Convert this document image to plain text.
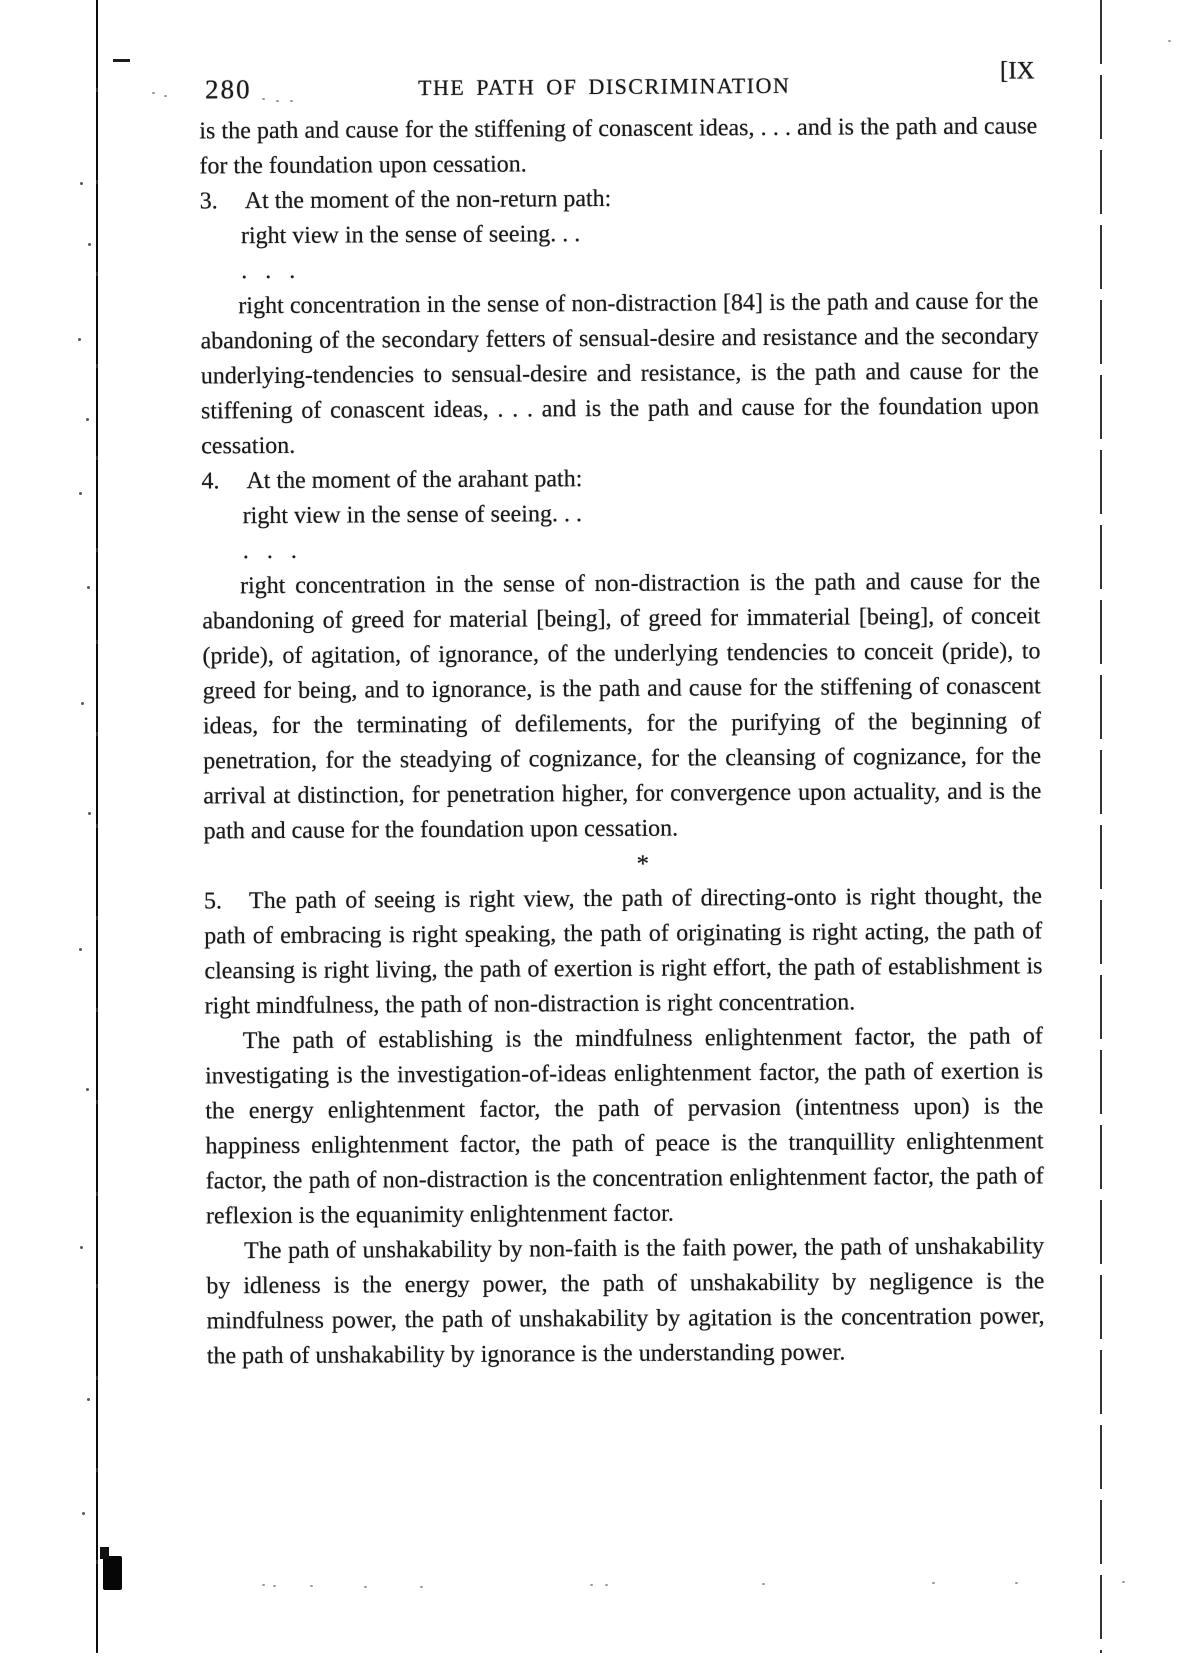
280	THE PATH OF DISCRIMINATION
[IX

is the path and cause for the stiffening of conascent ideas, . . . and is the path and cause for the foundation upon cessation.

3. At the moment of the non-return path:

right view in the sense of seeing. . .

. . .

right concentration in the sense of non-distraction [84] is the path and cause for the abandoning of the secondary fetters of sensual-desire and resistance and the secondary underlying-tendencies to sensual-desire and resistance, is the path and cause for the stiffening of conascent ideas, . . . and is the path and cause for the foundation upon cessation.

4. At the moment of the arahant path:

right view in the sense of seeing. . .

. . .

right concentration in the sense of non-distraction is the path and cause for the abandoning of greed for material [being], of greed for immaterial [being], of conceit (pride), of agitation, of ignorance, of the underlying tendencies to conceit (pride), to greed for being, and to ignorance, is the path and cause for the stiffening of conascent ideas, for the terminating of defilements, for the purifying of the beginning of penetration, for the steadying of cognizance, for the cleansing of cognizance, for the arrival at distinction, for penetration higher, for convergence upon actuality, and is the path and cause for the foundation upon cessation.

*

5. The path of seeing is right view, the path of directing-onto is right thought, the path of embracing is right speaking, the path of originating is right acting, the path of cleansing is right living, the path of exertion is right effort, the path of establishment is right mindfulness, the path of non-distraction is right concentration.

The path of establishing is the mindfulness enlightenment factor, the path of investigating is the investigation-of-ideas enlightenment factor, the path of exertion is the energy enlightenment factor, the path of pervasion (intentness upon) is the happiness enlightenment factor, the path of peace is the tranquillity enlightenment factor, the path of non-distraction is the concentration enlightenment factor, the path of reflexion is the equanimity enlightenment factor.

The path of unshakability by non-faith is the faith power, the path of unshakability by idleness is the energy power, the path of unshakability by negligence is the mindfulness power, the path of unshakability by agitation is the concentration power, the path of unshakability by ignorance is the understanding power.
